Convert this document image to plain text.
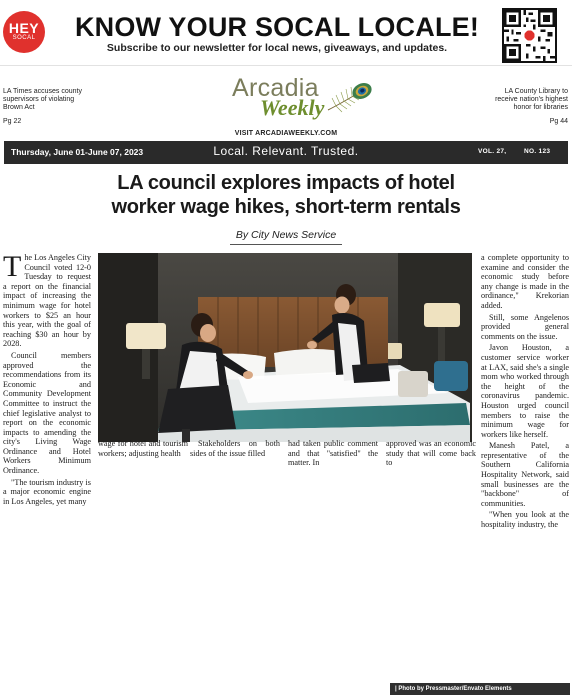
HEY
SOCAL	KNOW YOUR SOCAL LOCALE!
Subscribe to our newsletter for local news, giveaways, and updates.
LA Times accuses county supervisors of violating Brown Act
Pg 22
Arcadia
Weekly
VISIT ARCADIAWEEKLY.COM
LA County Library to receive nation's highest honor for libraries
Pg 44
Thursday, June 01-June 07, 2023	Local. Relevant. Trusted.	VOL. 27,	NO. 123
LA council explores impacts of hotel
worker wage hikes, short-term rentals
By City News Service

The Los Angeles City Council voted 12-0 Tuesday to request a report on the financial impact of increasing the minimum wage for hotel workers to $25 an hour this year, with the goal of reaching $30 an hour by 2028.

Council members approved the recommendations from its Economic and Community Development Committee to instruct the chief legislative analyst to report on the economic impacts to amending the city's Living Wage Ordinance and Hotel Workers Minimum Ordinance.

"The tourism industry is a major economic engine in Los Angeles, yet many

| Photo by Pressmaster/Envato Elements

wage for hotel and tourism workers; adjusting health

Stakeholders on both sides of the issue filled

had taken public comment and that "satisfied" the matter. In

approved was an economic study that will come back to

a complete opportunity to examine and consider the economic study before any change is made in the ordinance," Krekorian added.

Still, some Angelenos provided general comments on the issue.

Javon Houston, a customer service worker at LAX, said she's a single mom who worked through the height of the coronavirus pandemic. Houston urged council members to raise the minimum wage for workers like herself.

Manesh Patel, a representative of the Southern California Hospitality Network, said small businesses are the "backbone" of communities.

"When you look at the hospitality industry, the
